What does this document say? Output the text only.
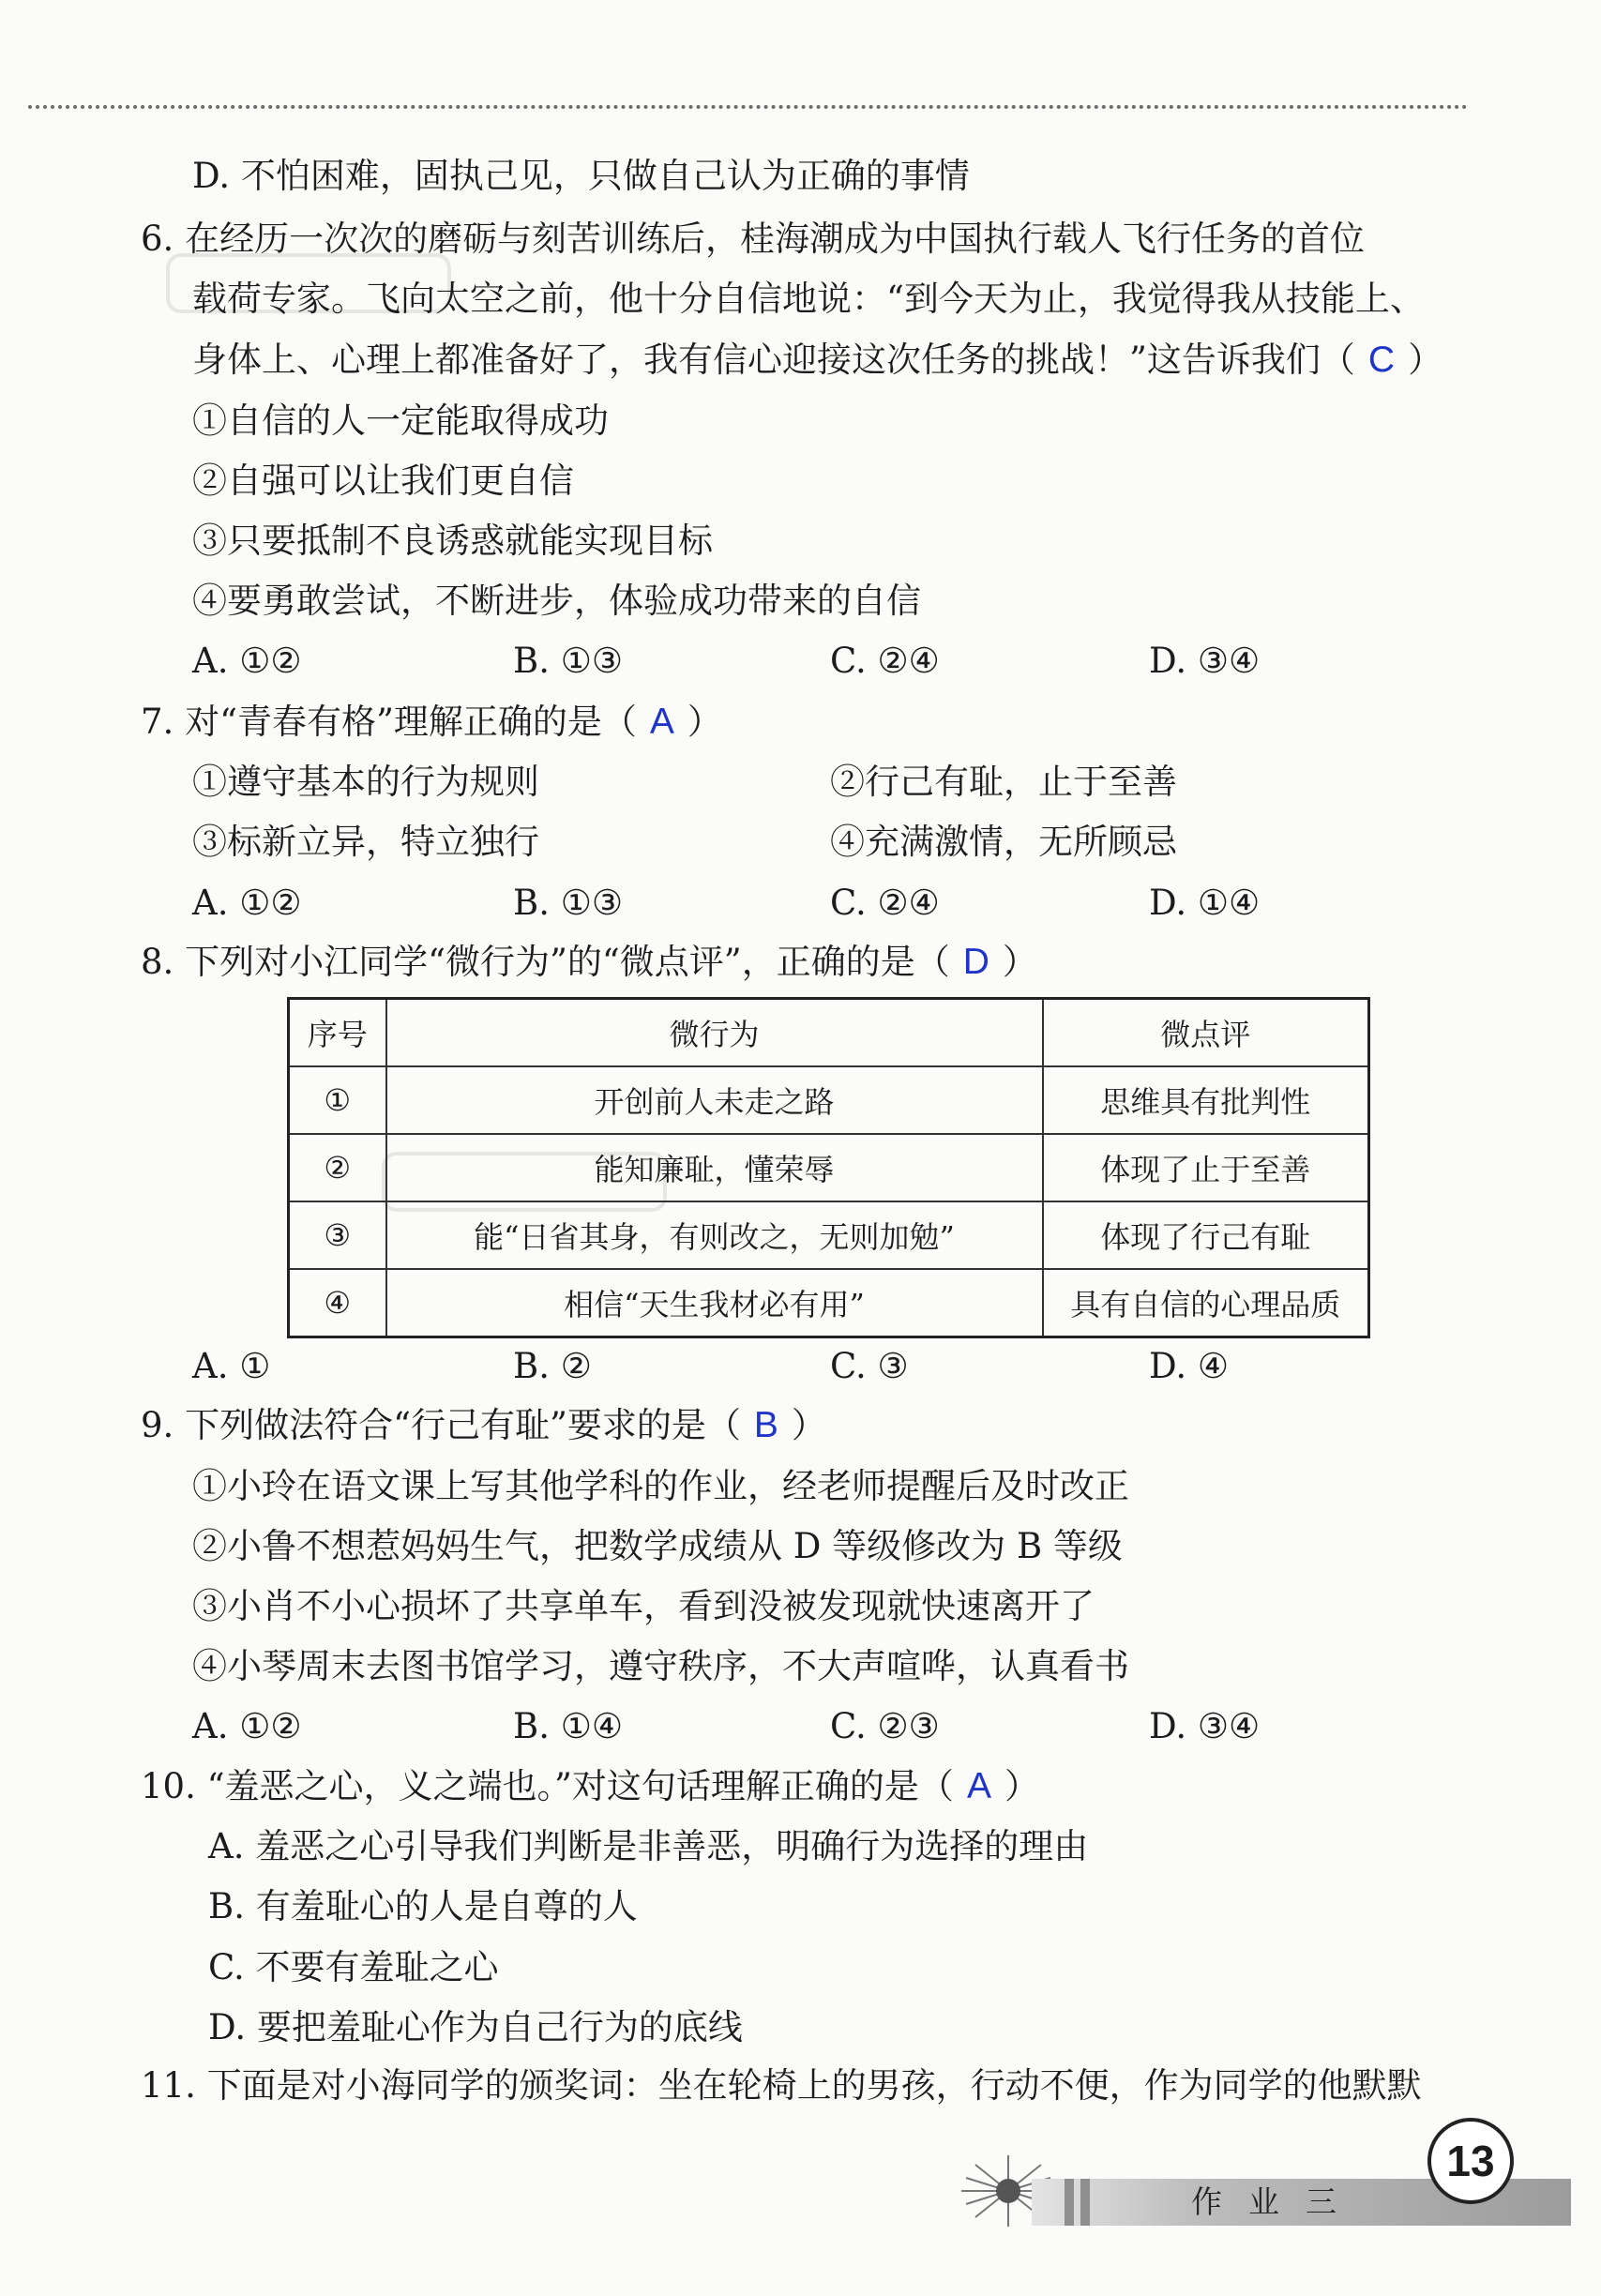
D. 不怕困难，固执己见，只做自己认为正确的事情
6. 在经历一次次的磨砺与刻苦训练后，桂海潮成为中国执行载人飞行任务的首位
载荷专家。飞向太空之前，他十分自信地说：“到今天为止，我觉得我从技能上、
身体上、心理上都准备好了，我有信心迎接这次任务的挑战！”这告诉我们（ C ）
①自信的人一定能取得成功
②自强可以让我们更自信
③只要抵制不良诱惑就能实现目标
④要勇敢尝试，不断进步，体验成功带来的自信
A. ①②	B. ①③	C. ②④	D. ③④
7. 对“青春有格”理解正确的是（ A ）
①遵守基本的行为规则	②行己有耻，止于至善
③标新立异，特立独行	④充满激情，无所顾忌
A. ①②	B. ①③	C. ②④	D. ①④
8. 下列对小江同学“微行为”的“微点评”，正确的是（ D ）
序号	微行为	微点评
①	开创前人未走之路	思维具有批判性
②	能知廉耻，懂荣辱	体现了止于至善
③	能“日省其身，有则改之，无则加勉”	体现了行己有耻
④	相信“天生我材必有用”	具有自信的心理品质
A. ①	B. ②	C. ③	D. ④
9. 下列做法符合“行己有耻”要求的是（ B ）
①小玲在语文课上写其他学科的作业，经老师提醒后及时改正
②小鲁不想惹妈妈生气，把数学成绩从 D 等级修改为 B 等级
③小肖不小心损坏了共享单车，看到没被发现就快速离开了
④小琴周末去图书馆学习，遵守秩序，不大声喧哗，认真看书
A. ①②	B. ①④	C. ②③	D. ③④
10. “羞恶之心，义之端也。”对这句话理解正确的是（ A ）
A. 羞恶之心引导我们判断是非善恶，明确行为选择的理由
B. 有羞耻心的人是自尊的人
C. 不要有羞耻之心
D. 要把羞耻心作为自己行为的底线
11. 下面是对小海同学的颁奖词：坐在轮椅上的男孩，行动不便，作为同学的他默默
作业三
13
